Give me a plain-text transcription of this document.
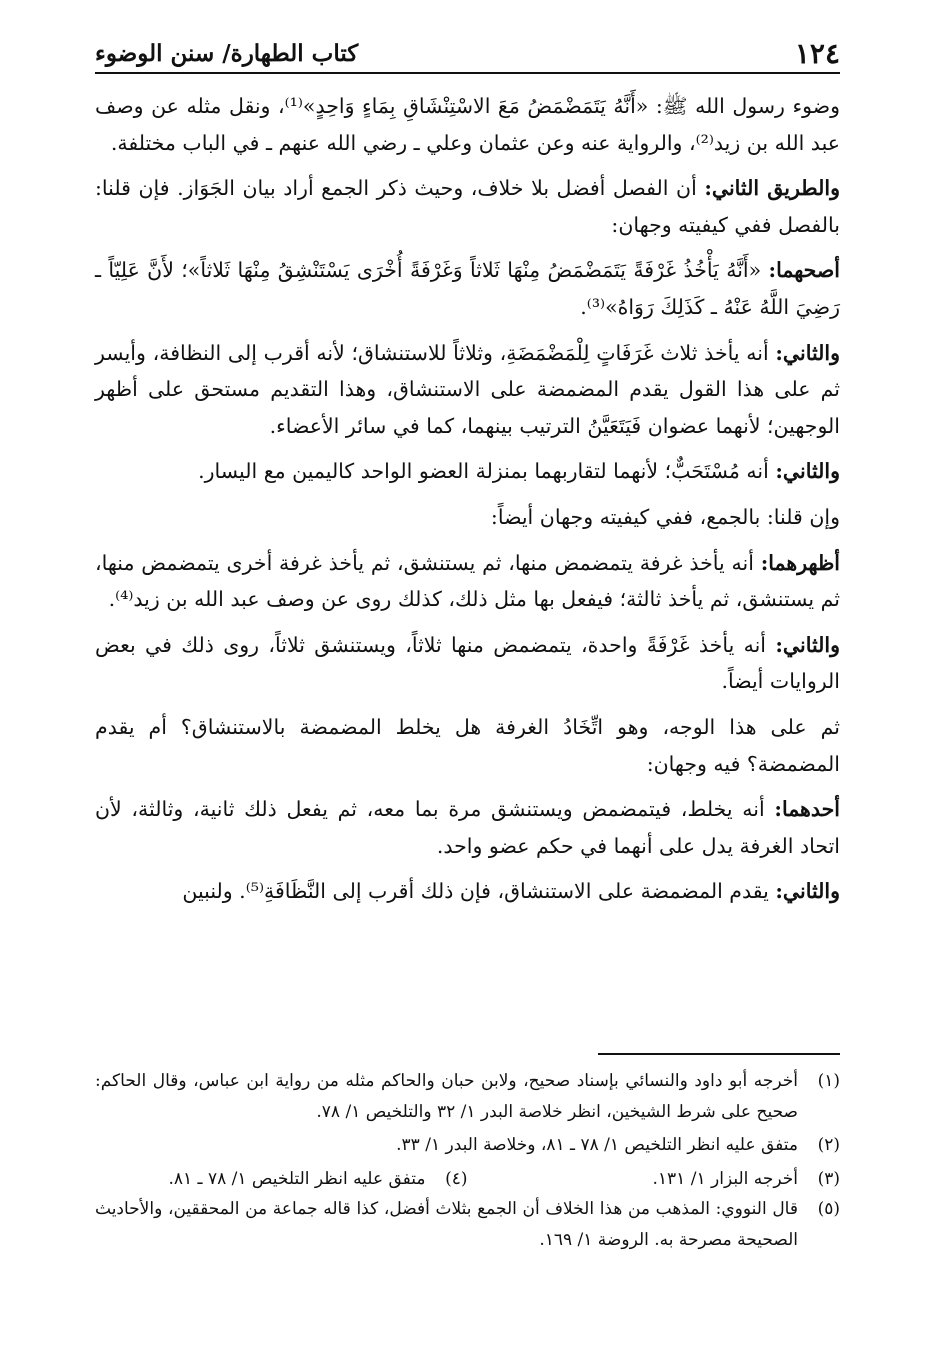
١٢٤
كتاب الطهارة/ سنن الوضوء

وضوء رسول الله ﷺ: «أَنَّهُ يَتَمَضْمَضُ مَعَ الاسْتِنْشَاقِ بِمَاءٍ وَاحِدٍ»⁽¹⁾، ونقل مثله عن وصف عبد الله بن زيد⁽²⁾، والرواية عنه وعن عثمان وعلي ـ رضي الله عنهم ـ في الباب مختلفة.

والطريق الثاني: أن الفصل أفضل بلا خلاف، وحيث ذكر الجمع أراد بيان الجَوَاز. فإن قلنا: بالفصل ففي كيفيته وجهان:

أصحهما: «أَنَّهُ يَأْخُذُ غَرْفَةً يَتَمَضْمَضُ مِنْهَا ثَلاثاً وَغَرْفَةً أُخْرَى يَسْتَنْشِقُ مِنْهَا ثَلاثاً»؛ لأَنَّ عَلِيّاً ـ رَضِيَ اللَّهُ عَنْهُ ـ كَذَلِكَ رَوَاهُ»⁽³⁾.

والثاني: أنه يأخذ ثلاث غَرَفَاتٍ لِلْمَضْمَضَةِ، وثلاثاً للاستنشاق؛ لأنه أقرب إلى النظافة، وأيسر ثم على هذا القول يقدم المضمضة على الاستنشاق، وهذا التقديم مستحق على أظهر الوجهين؛ لأنهما عضوان فَيَتَعَيَّنُ الترتيب بينهما، كما في سائر الأعضاء.

والثاني: أنه مُسْتَحَبٌّ؛ لأنهما لتقاربهما بمنزلة العضو الواحد كاليمين مع اليسار.

وإن قلنا: بالجمع، ففي كيفيته وجهان أيضاً:

أظهرهما: أنه يأخذ غرفة يتمضمض منها، ثم يستنشق، ثم يأخذ غرفة أخرى يتمضمض منها، ثم يستنشق، ثم يأخذ ثالثة؛ فيفعل بها مثل ذلك، كذلك روى عن وصف عبد الله بن زيد⁽⁴⁾.

والثاني: أنه يأخذ غَرْفَةً واحدة، يتمضمض منها ثلاثاً، ويستنشق ثلاثاً، روى ذلك في بعض الروايات أيضاً.

ثم على هذا الوجه، وهو اتِّخَادُ الغرفة هل يخلط المضمضة بالاستنشاق؟ أم يقدم المضمضة؟ فيه وجهان:

أحدهما: أنه يخلط، فيتمضمض ويستنشق مرة بما معه، ثم يفعل ذلك ثانية، وثالثة، لأن اتحاد الغرفة يدل على أنهما في حكم عضو واحد.

والثاني: يقدم المضمضة على الاستنشاق، فإن ذلك أقرب إلى النَّظَافَةِ⁽⁵⁾. ولنبين

(١)
أخرجه أبو داود والنسائي بإسناد صحيح، ولابن حبان والحاكم مثله من رواية ابن عباس، وقال الحاكم: صحيح على شرط الشيخين، انظر خلاصة البدر ١/ ٣٢ والتلخيص ١/ ٧٨.
(٢)
متفق عليه انظر التلخيص ١/ ٧٨ ـ ٨١، وخلاصة البدر ١/ ٣٣.
(٣)
أخرجه البزار ١/ ١٣١.
(٤)
متفق عليه انظر التلخيص ١/ ٧٨ ـ ٨١.
(٥)
قال النووي: المذهب من هذا الخلاف أن الجمع بثلاث أفضل، كذا قاله جماعة من المحققين، والأحاديث الصحيحة مصرحة به. الروضة ١/ ١٦٩.
